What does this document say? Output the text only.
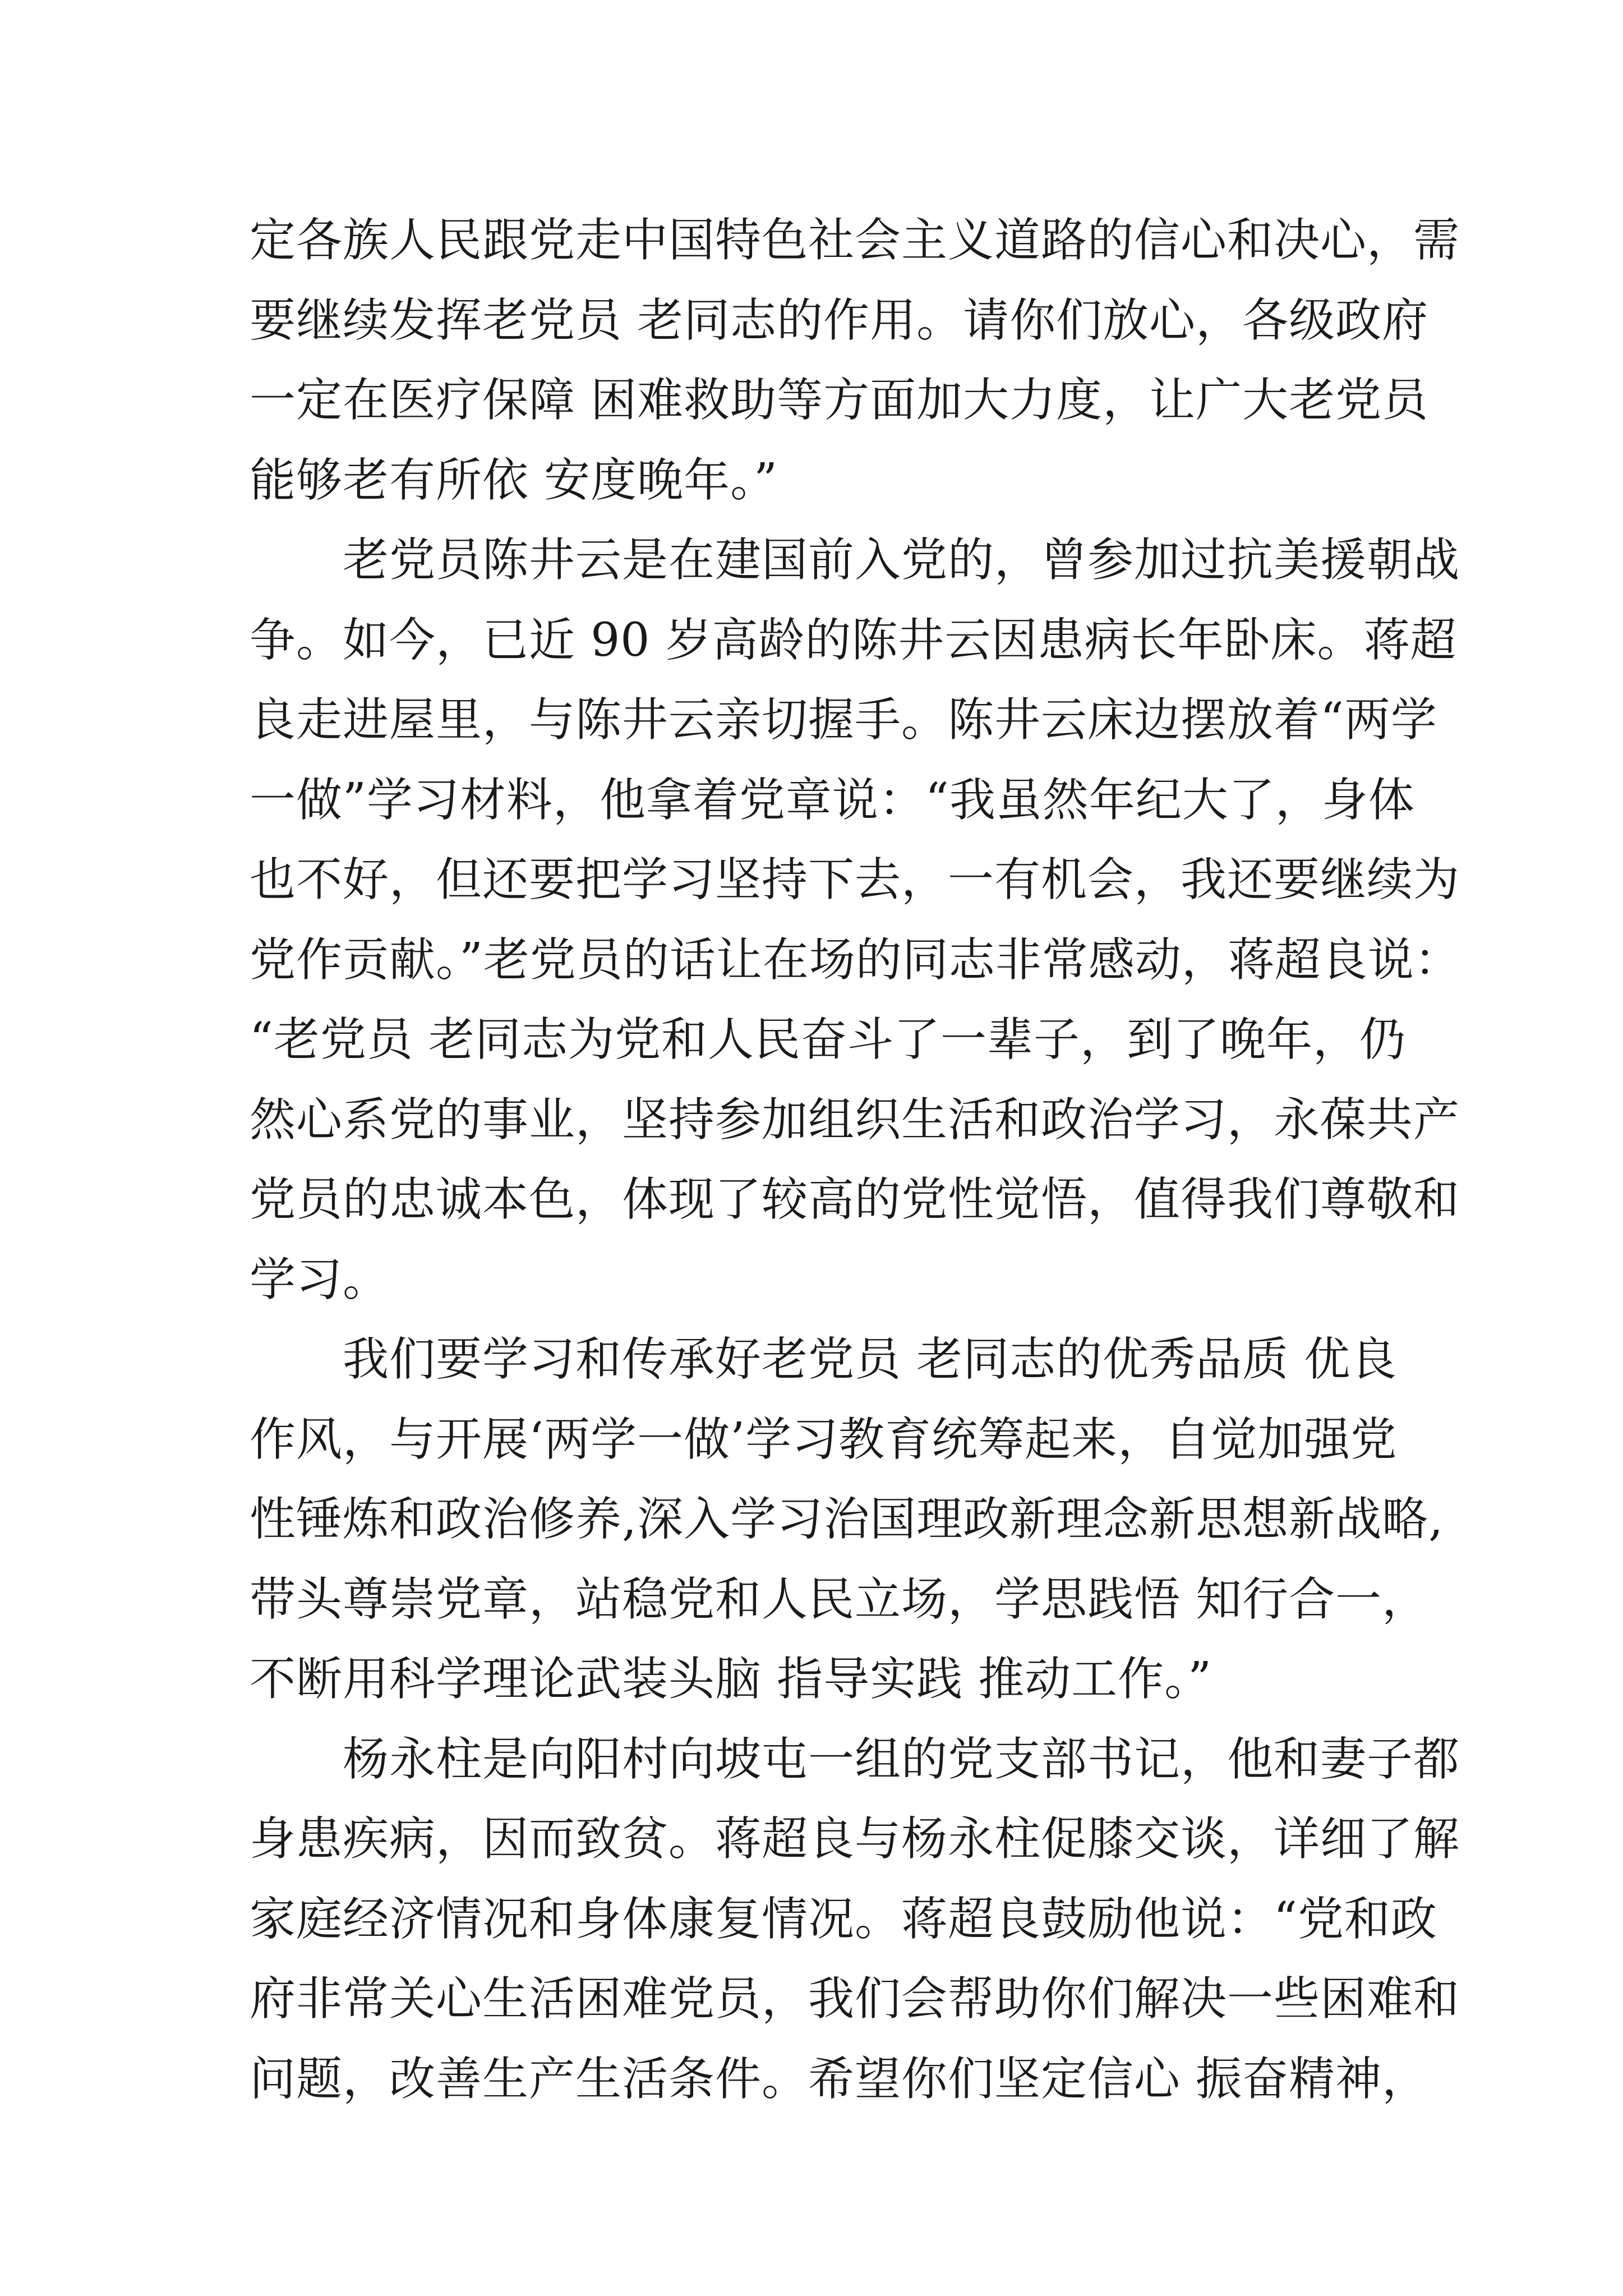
定各族人民跟党走中国特色社会主义道路的信心和决心，需
要继续发挥老党员 老同志的作用。请你们放心，各级政府
一定在医疗保障 困难救助等方面加大力度，让广大老党员
能够老有所依 安度晚年。”
　　老党员陈井云是在建国前入党的，曾参加过抗美援朝战
争。如今，已近 90 岁高龄的陈井云因患病长年卧床。蒋超
良走进屋里，与陈井云亲切握手。陈井云床边摆放着“两学
一做”学习材料，他拿着党章说：“我虽然年纪大了，身体
也不好，但还要把学习坚持下去，一有机会，我还要继续为
党作贡献。”老党员的话让在场的同志非常感动，蒋超良说：
“老党员 老同志为党和人民奋斗了一辈子，到了晚年，仍
然心系党的事业，坚持参加组织生活和政治学习，永葆共产
党员的忠诚本色，体现了较高的党性觉悟，值得我们尊敬和
学习。
　　我们要学习和传承好老党员 老同志的优秀品质 优良
作风，与开展‘两学一做’学习教育统筹起来，自觉加强党
性锤炼和政治修养,深入学习治国理政新理念新思想新战略,
带头尊崇党章，站稳党和人民立场，学思践悟 知行合一，
不断用科学理论武装头脑 指导实践 推动工作。”
　　杨永柱是向阳村向坡屯一组的党支部书记，他和妻子都
身患疾病，因而致贫。蒋超良与杨永柱促膝交谈，详细了解
家庭经济情况和身体康复情况。蒋超良鼓励他说：“党和政
府非常关心生活困难党员，我们会帮助你们解决一些困难和
问题，改善生产生活条件。希望你们坚定信心 振奋精神，
